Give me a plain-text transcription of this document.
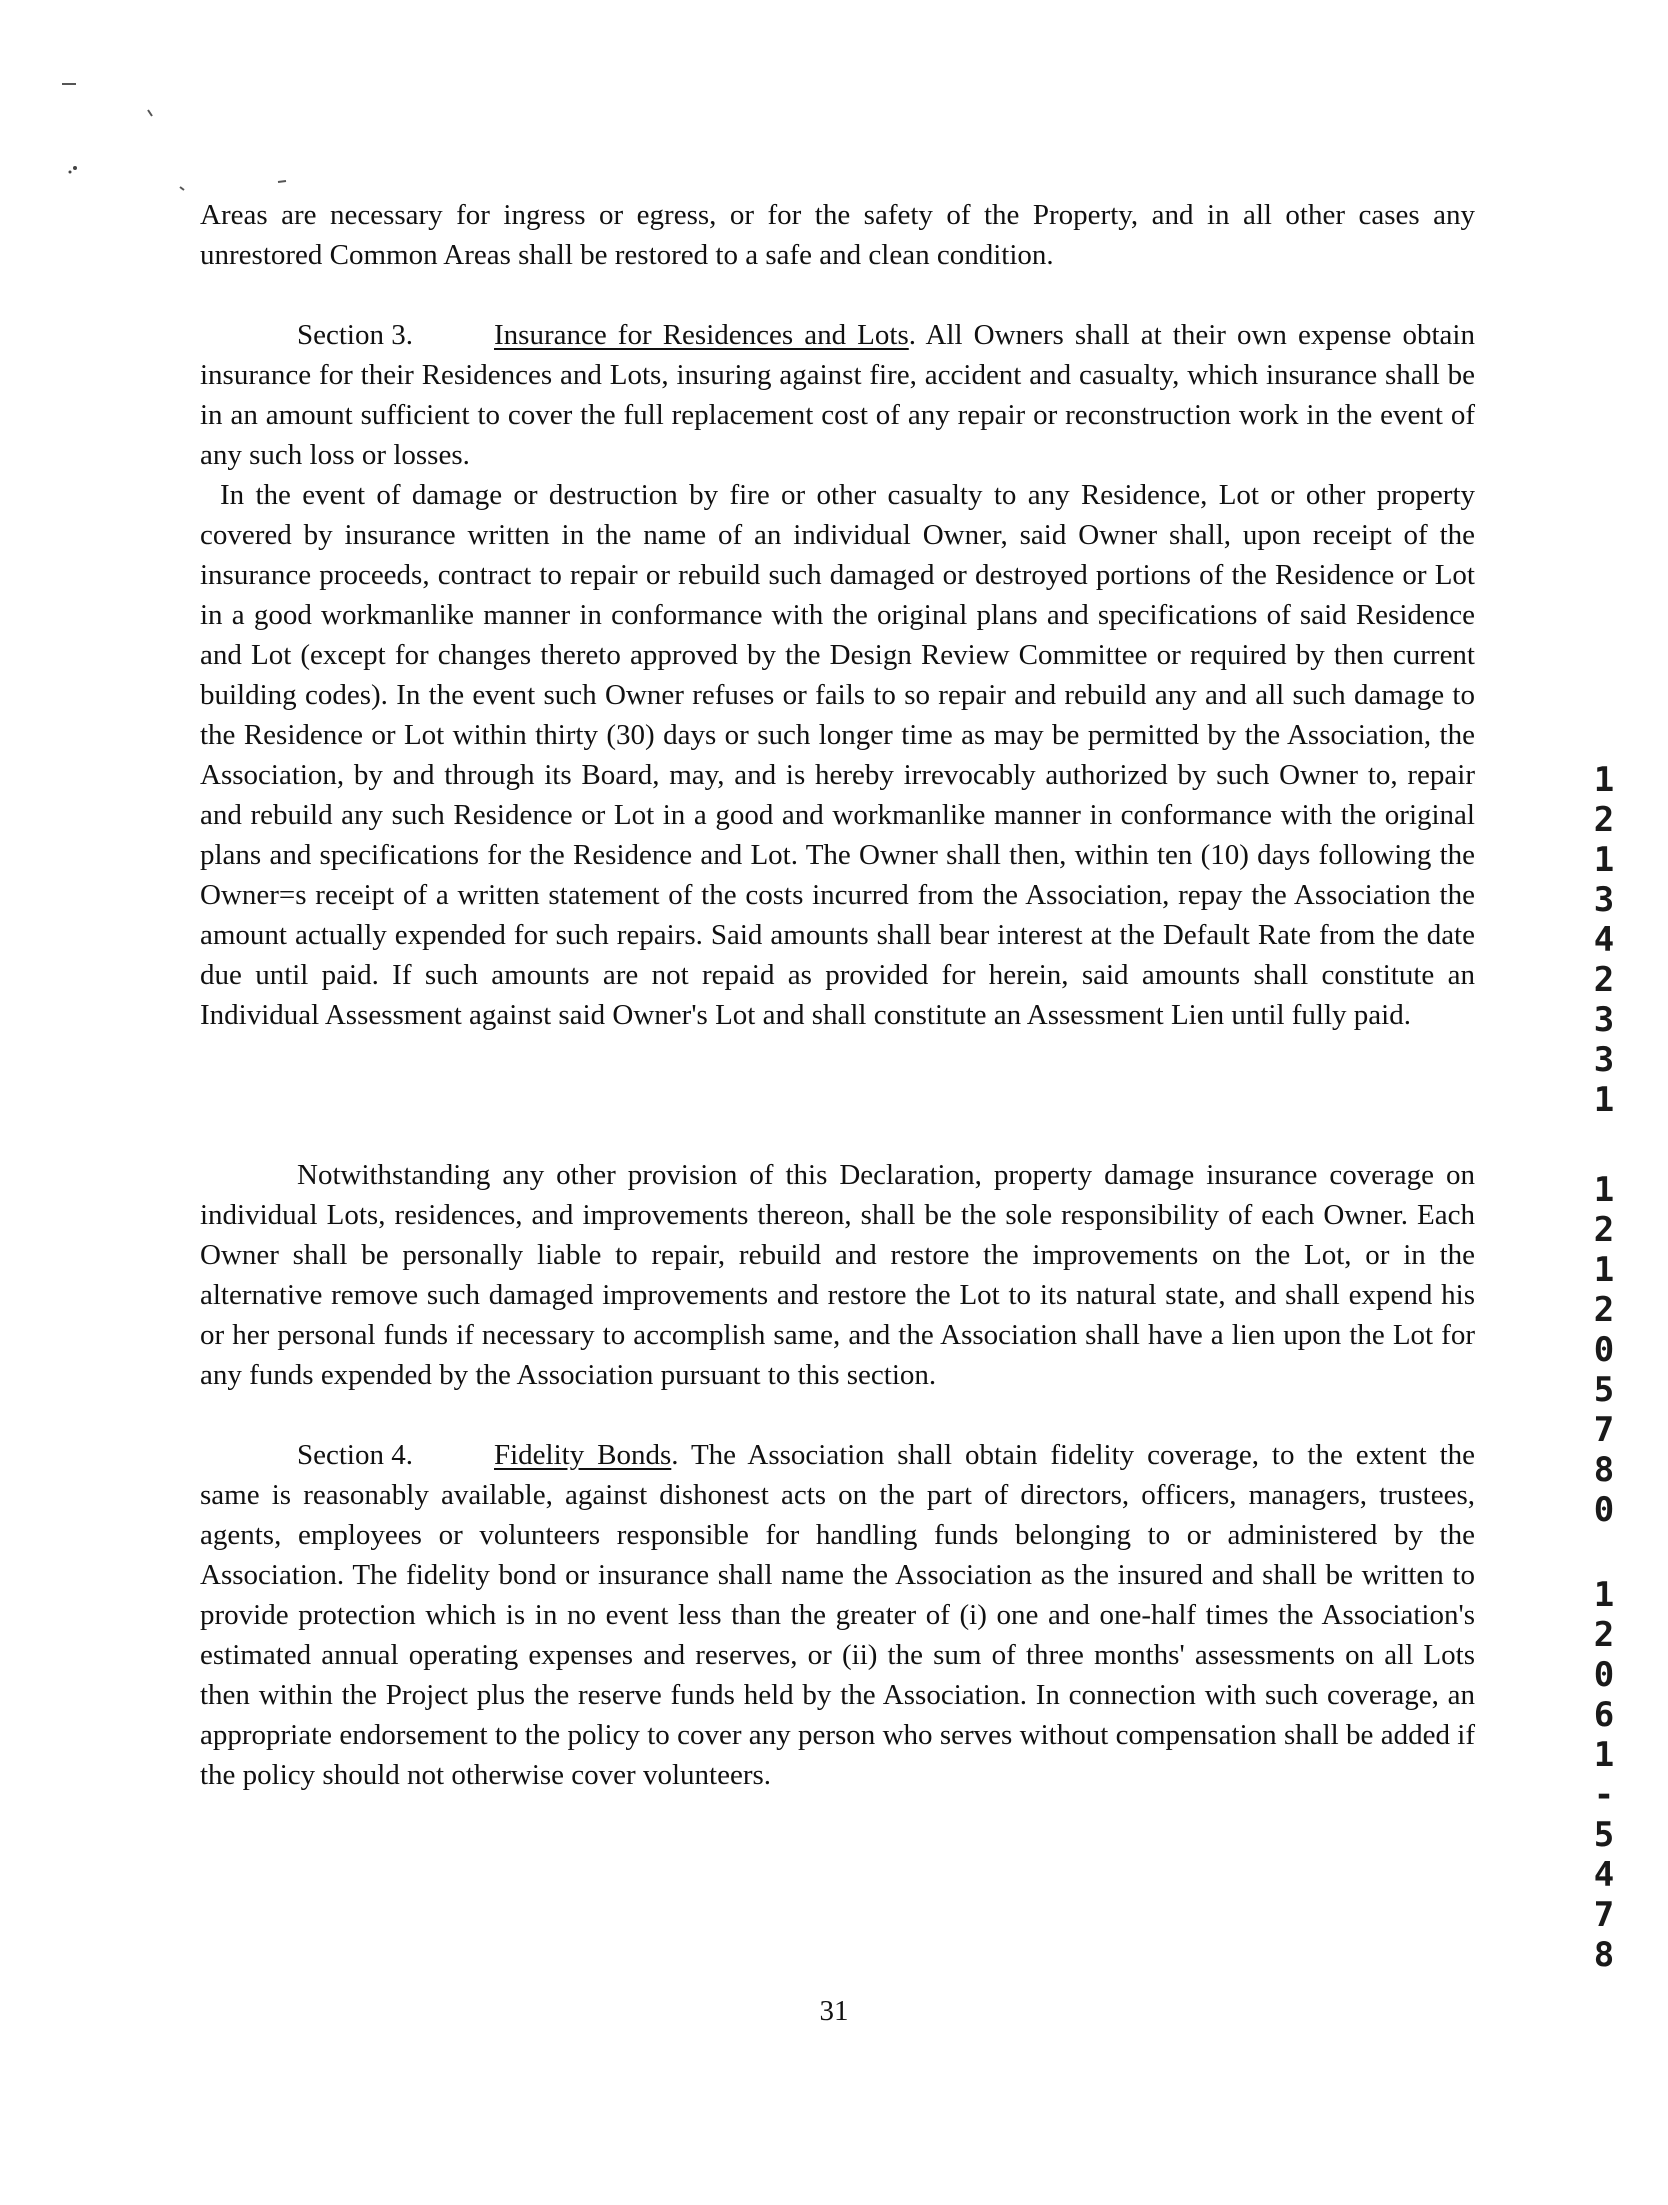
Areas are necessary for ingress or egress, or for the safety of the Property, and in all other cases any unrestored Common Areas shall be restored to a safe and clean condition.

Section 3.	Insurance for Residences and Lots. All Owners shall at their own expense obtain insurance for their Residences and Lots, insuring against fire, accident and casualty, which insurance shall be in an amount sufficient to cover the full replacement cost of any repair or reconstruction work in the event of any such loss or losses.

In the event of damage or destruction by fire or other casualty to any Residence, Lot or other property covered by insurance written in the name of an individual Owner, said Owner shall, upon receipt of the insurance proceeds, contract to repair or rebuild such damaged or destroyed portions of the Residence or Lot in a good workmanlike manner in conformance with the original plans and specifications of said Residence and Lot (except for changes thereto approved by the Design Review Committee or required by then current building codes). In the event such Owner refuses or fails to so repair and rebuild any and all such damage to the Residence or Lot within thirty (30) days or such longer time as may be permitted by the Association, the Association, by and through its Board, may, and is hereby irrevocably authorized by such Owner to, repair and rebuild any such Residence or Lot in a good and workmanlike manner in conformance with the original plans and specifications for the Residence and Lot. The Owner shall then, within ten (10) days following the Owner=s receipt of a written statement of the costs incurred from the Association, repay the Association the amount actually expended for such repairs. Said amounts shall bear interest at the Default Rate from the date due until paid. If such amounts are not repaid as provided for herein, said amounts shall constitute an Individual Assessment against said Owner's Lot and shall constitute an Assessment Lien until fully paid.

Notwithstanding any other provision of this Declaration, property damage insurance coverage on individual Lots, residences, and improvements thereon, shall be the sole responsibility of each Owner. Each Owner shall be personally liable to repair, rebuild and restore the improvements on the Lot, or in the alternative remove such damaged improvements and restore the Lot to its natural state, and shall expend his or her personal funds if necessary to accomplish same, and the Association shall have a lien upon the Lot for any funds expended by the Association pursuant to this section.

Section 4.	Fidelity Bonds. The Association shall obtain fidelity coverage, to the extent the same is reasonably available, against dishonest acts on the part of directors, officers, managers, trustees, agents, employees or volunteers responsible for handling funds belonging to or administered by the Association. The fidelity bond or insurance shall name the Association as the insured and shall be written to provide protection which is in no event less than the greater of (i) one and one-half times the Association's estimated annual operating expenses and reserves, or (ii) the sum of three months' assessments on all Lots then within the Project plus the reserve funds held by the Association. In connection with such coverage, an appropriate endorsement to the policy to cover any person who serves without compensation shall be added if the policy should not otherwise cover volunteers.

1
2
1
3
4
2
3
3
1
1
2
1
2
0
5
7
8
0
1
2
0
6
1
-
5
4
7
8
31
